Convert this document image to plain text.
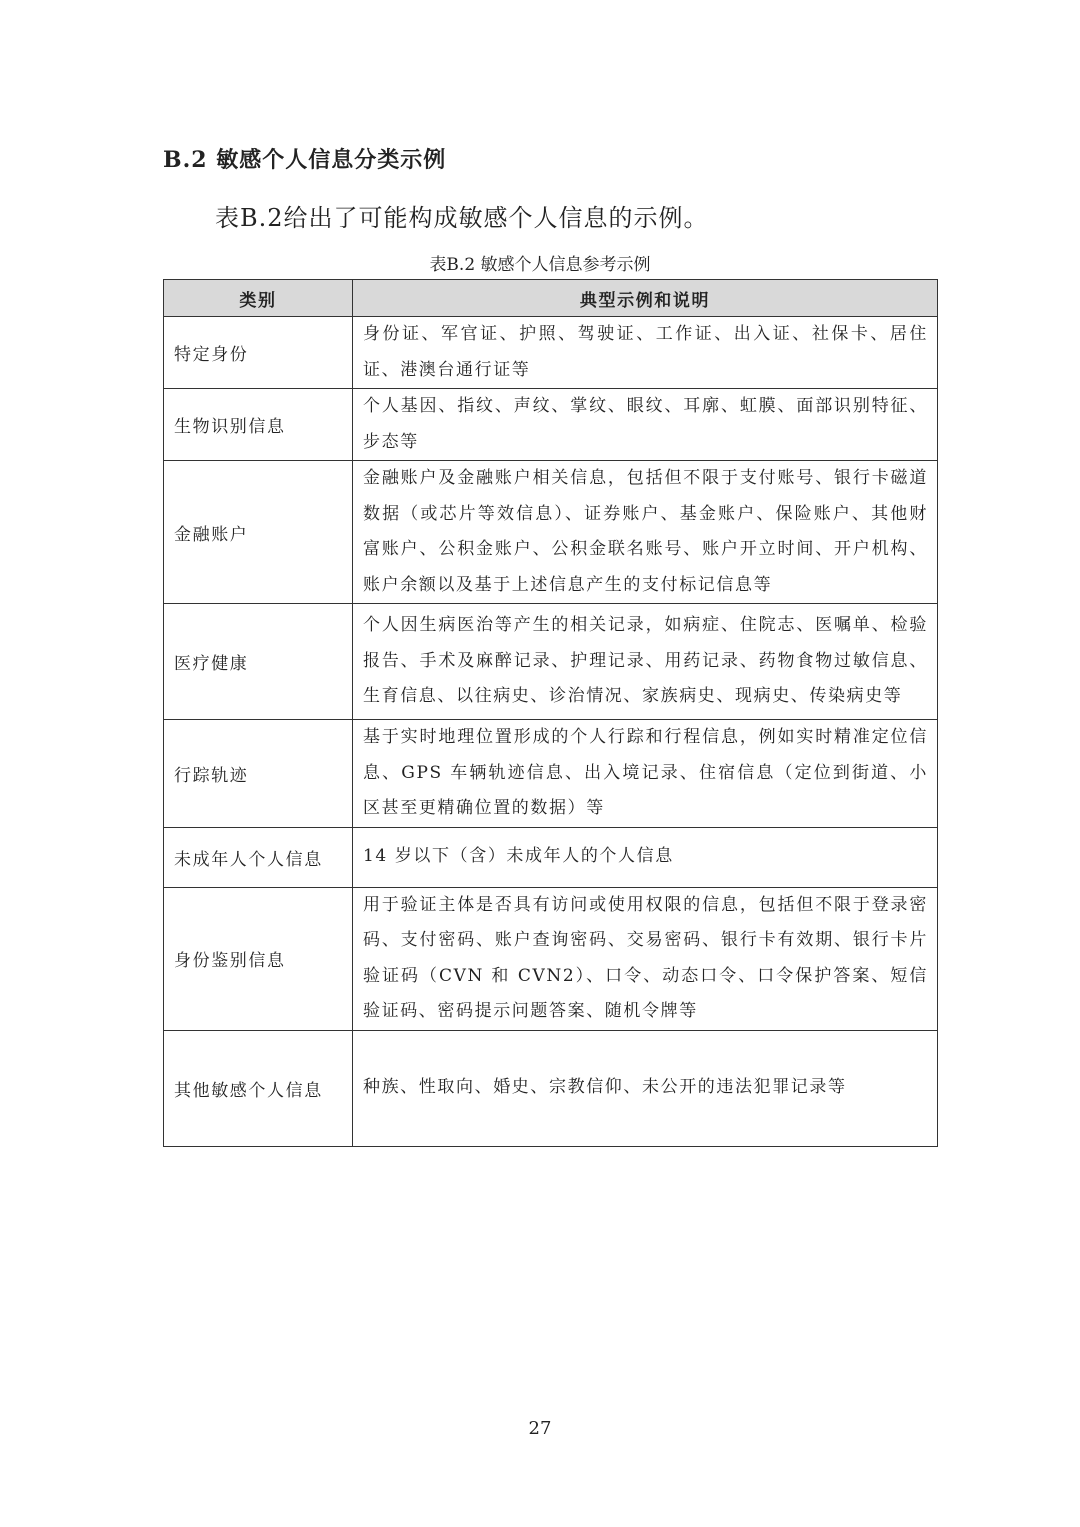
B.2 敏感个人信息分类示例
表B.2给出了可能构成敏感个人信息的示例。
表B.2 敏感个人信息参考示例
类别	典型示例和说明
特定身份	身份证、军官证、护照、驾驶证、工作证、出入证、社保卡、居住证、港澳台通行证等
生物识别信息	个人基因、指纹、声纹、掌纹、眼纹、耳廓、虹膜、面部识别特征、步态等
金融账户	金融账户及金融账户相关信息，包括但不限于支付账号、银行卡磁道数据（或芯片等效信息）、证券账户、基金账户、保险账户、其他财富账户、公积金账户、公积金联名账号、账户开立时间、开户机构、账户余额以及基于上述信息产生的支付标记信息等
医疗健康	个人因生病医治等产生的相关记录，如病症、住院志、医嘱单、检验报告、手术及麻醉记录、护理记录、用药记录、药物食物过敏信息、生育信息、以往病史、诊治情况、家族病史、现病史、传染病史等
行踪轨迹	基于实时地理位置形成的个人行踪和行程信息，例如实时精准定位信息、GPS 车辆轨迹信息、出入境记录、住宿信息（定位到街道、小区甚至更精确位置的数据）等
未成年人个人信息	14 岁以下（含）未成年人的个人信息
身份鉴别信息	用于验证主体是否具有访问或使用权限的信息，包括但不限于登录密码、支付密码、账户查询密码、交易密码、银行卡有效期、银行卡片验证码（CVN 和 CVN2）、口令、动态口令、口令保护答案、短信验证码、密码提示问题答案、随机令牌等
其他敏感个人信息	种族、性取向、婚史、宗教信仰、未公开的违法犯罪记录等
27
